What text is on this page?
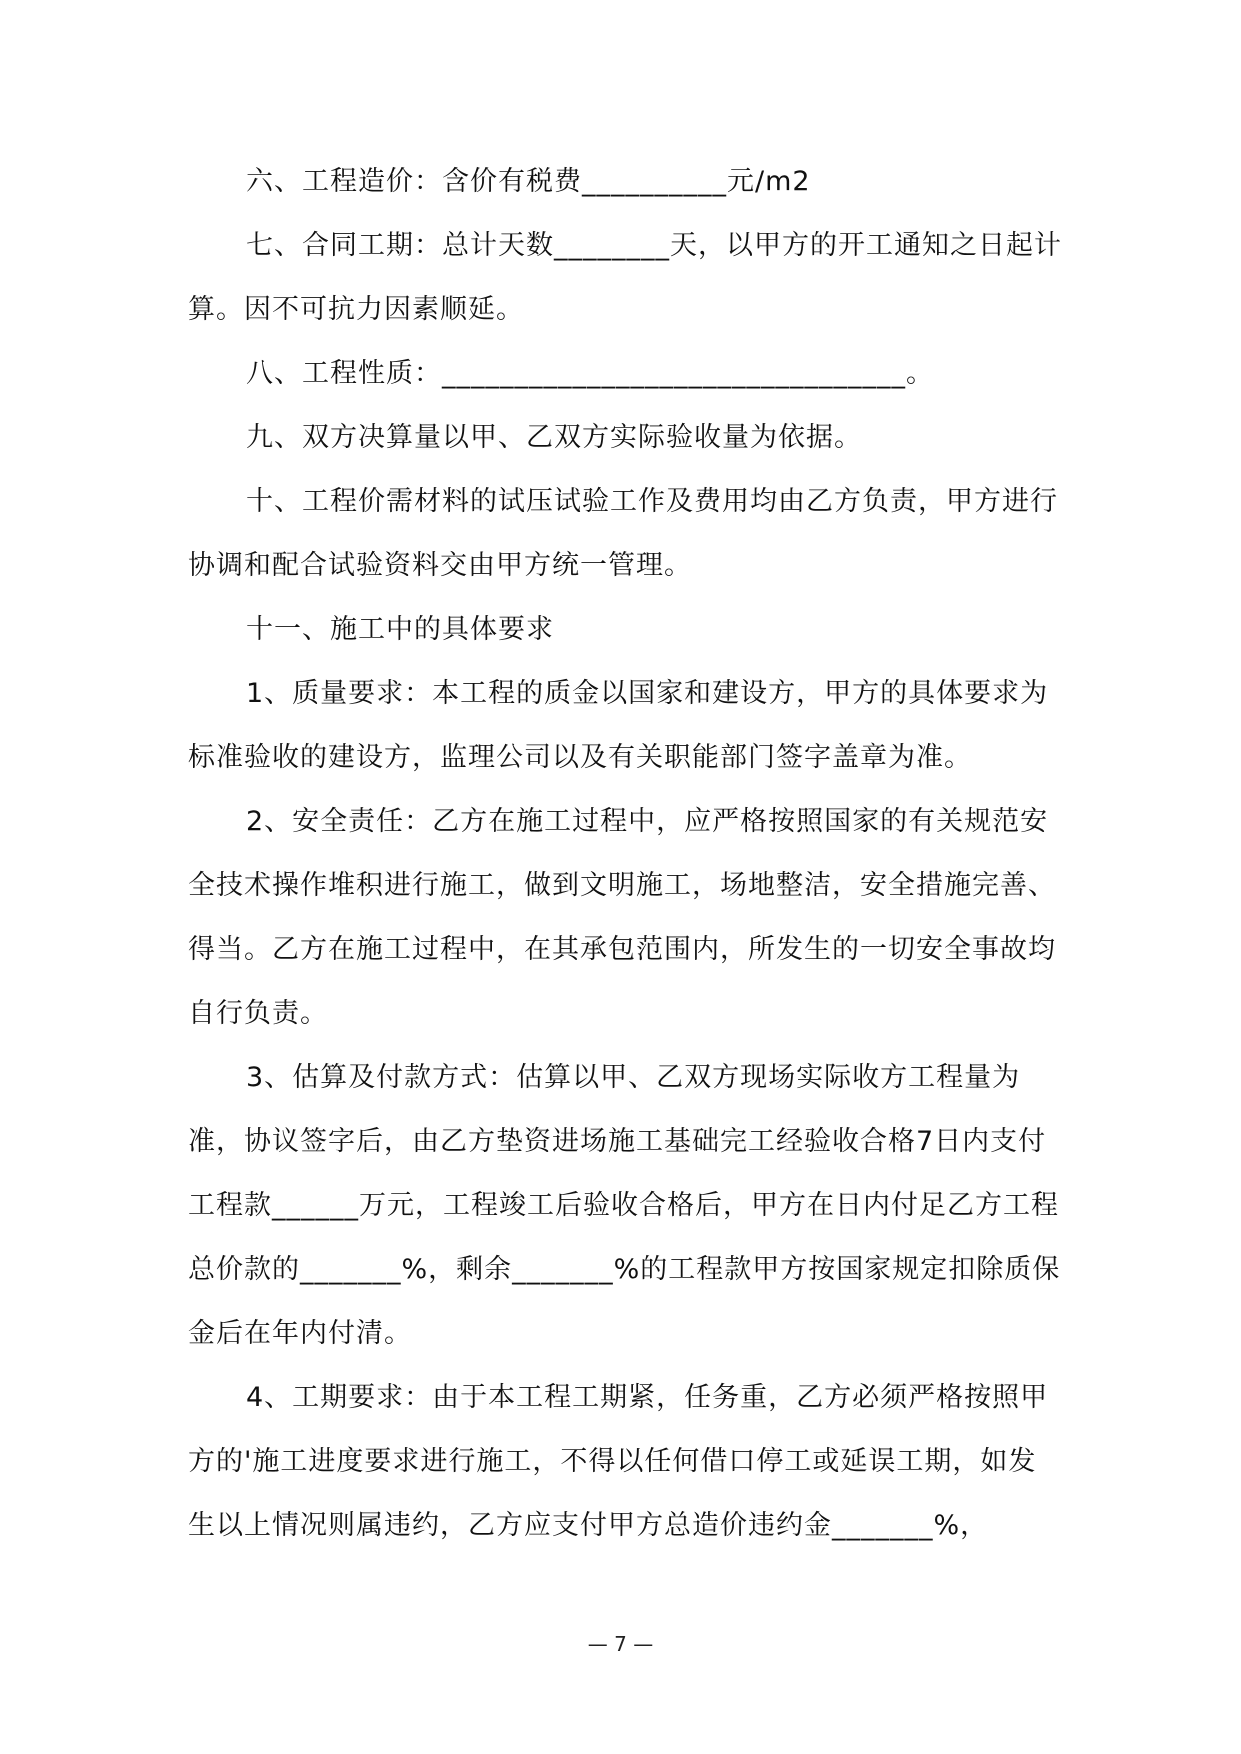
六、工程造价：含价有税费__________元/m2

七、合同工期：总计天数________天，以甲方的开工通知之日起计算。因不可抗力因素顺延。

八、工程性质：________________________________。

九、双方决算量以甲、乙双方实际验收量为依据。

十、工程价需材料的试压试验工作及费用均由乙方负责，甲方进行协调和配合试验资料交由甲方统一管理。

十一、施工中的具体要求

1、质量要求：本工程的质金以国家和建设方，甲方的具体要求为标准验收的建设方，监理公司以及有关职能部门签字盖章为准。

2、安全责任：乙方在施工过程中，应严格按照国家的有关规范安全技术操作堆积进行施工，做到文明施工，场地整洁，安全措施完善、得当。乙方在施工过程中，在其承包范围内，所发生的一切安全事故均自行负责。

3、估算及付款方式：估算以甲、乙双方现场实际收方工程量为准，协议签字后，由乙方垫资进场施工基础完工经验收合格7日内支付工程款______万元，工程竣工后验收合格后，甲方在日内付足乙方工程总价款的_______%，剩余_______%的工程款甲方按国家规定扣除质保金后在年内付清。

4、工期要求：由于本工程工期紧，任务重，乙方必须严格按照甲方的'施工进度要求进行施工，不得以任何借口停工或延误工期，如发生以上情况则属违约，乙方应支付甲方总造价违约金_______%，

— 7 —
